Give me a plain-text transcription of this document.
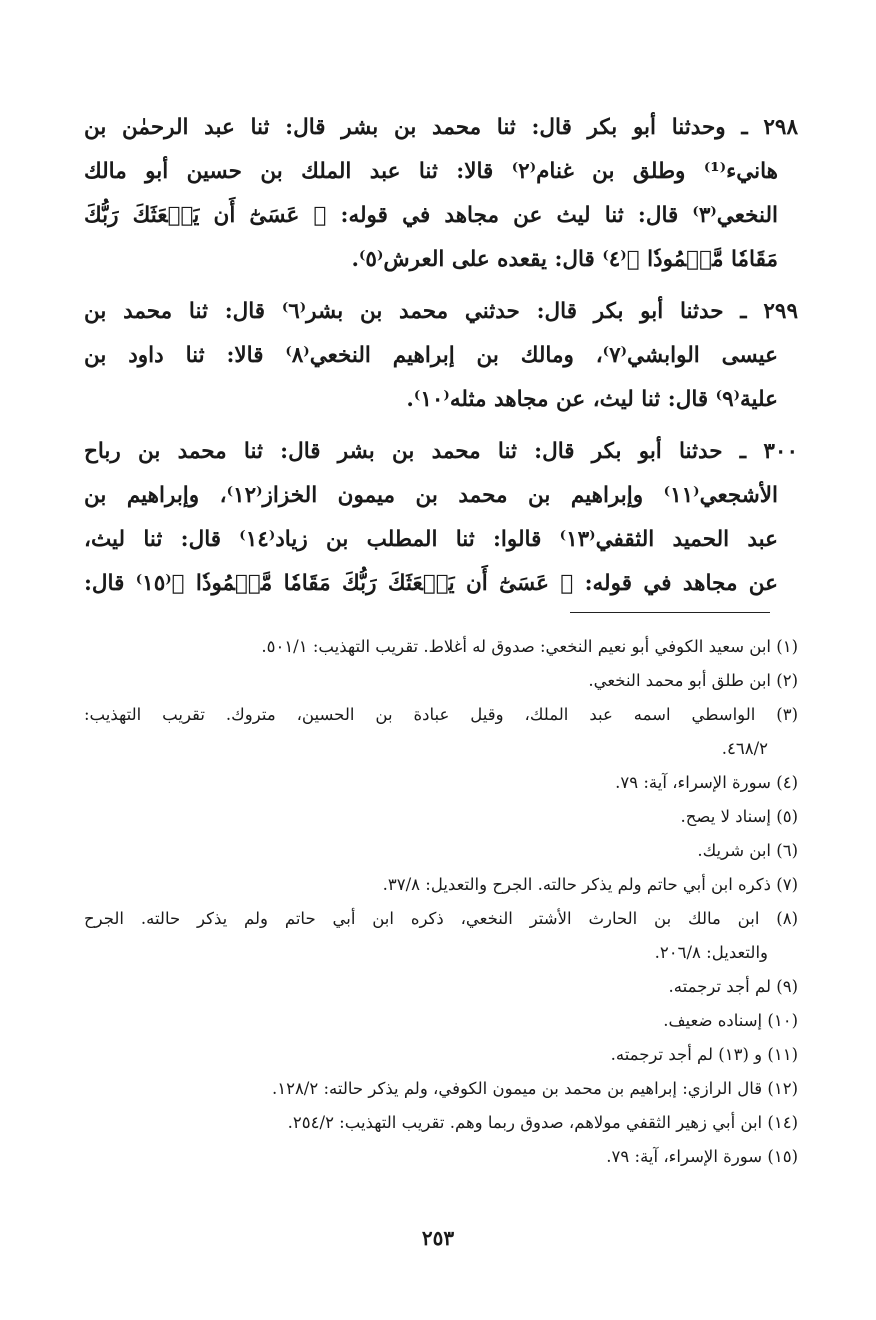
٢٩٨ ـ وحدثنا أبو بكر قال: ثنا محمد بن بشر قال: ثنا عبد الرحمٰن بن
هانيء⁽¹⁾ وطلق بن غنام⁽٢⁾ قالا: ثنا عبد الملك بن حسين أبو مالك
النخعي⁽٣⁾ قال: ثنا ليث عن مجاهد في قوله: ﴿ عَسَىٰٓ أَن يَبۡعَثَكَ رَبُّكَ
مَقَامٗا مَّحۡمُودٗا ﴾⁽٤⁾ قال: يقعده على العرش⁽٥⁾.
٢٩٩ ـ حدثنا أبو بكر قال: حدثني محمد بن بشر⁽٦⁾ قال: ثنا محمد بن
عيسى الوابشي⁽٧⁾، ومالك بن إبراهيم النخعي⁽٨⁾ قالا: ثنا داود بن
علية⁽٩⁾ قال: ثنا ليث، عن مجاهد مثله⁽١٠⁾.
٣٠٠ ـ حدثنا أبو بكر قال: ثنا محمد بن بشر قال: ثنا محمد بن رباح
الأشجعي⁽١١⁾ وإبراهيم بن محمد بن ميمون الخزاز⁽١٢⁾، وإبراهيم بن
عبد الحميد الثقفي⁽١٣⁾ قالوا: ثنا المطلب بن زياد⁽١٤⁾ قال: ثنا ليث،
عن مجاهد في قوله: ﴿ عَسَىٰٓ أَن يَبۡعَثَكَ رَبُّكَ مَقَامٗا مَّحۡمُودٗا ﴾⁽١٥⁾ قال:
(١) ابن سعيد الكوفي أبو نعيم النخعي: صدوق له أغلاط. تقريب التهذيب: ٥٠١/١.
(٢) ابن طلق أبو محمد النخعي.
(٣) الواسطي اسمه عبد الملك، وقيل عبادة بن الحسين، متروك. تقريب التهذيب:
٤٦٨/٢.
(٤) سورة الإسراء، آية: ٧٩.
(٥) إسناد لا يصح.
(٦) ابن شريك.
(٧) ذكره ابن أبي حاتم ولم يذكر حالته. الجرح والتعديل: ٣٧/٨.
(٨) ابن مالك بن الحارث الأشتر النخعي، ذكره ابن أبي حاتم ولم يذكر حالته. الجرح
والتعديل: ٢٠٦/٨.
(٩) لم أجد ترجمته.
(١٠) إسناده ضعيف.
(١١) و (١٣) لم أجد ترجمته.
(١٢) قال الرازي: إبراهيم بن محمد بن ميمون الكوفي، ولم يذكر حالته: ١٢٨/٢.
(١٤) ابن أبي زهير الثقفي مولاهم، صدوق ربما وهم. تقريب التهذيب: ٢٥٤/٢.
(١٥) سورة الإسراء، آية: ٧٩.
٢٥٣
